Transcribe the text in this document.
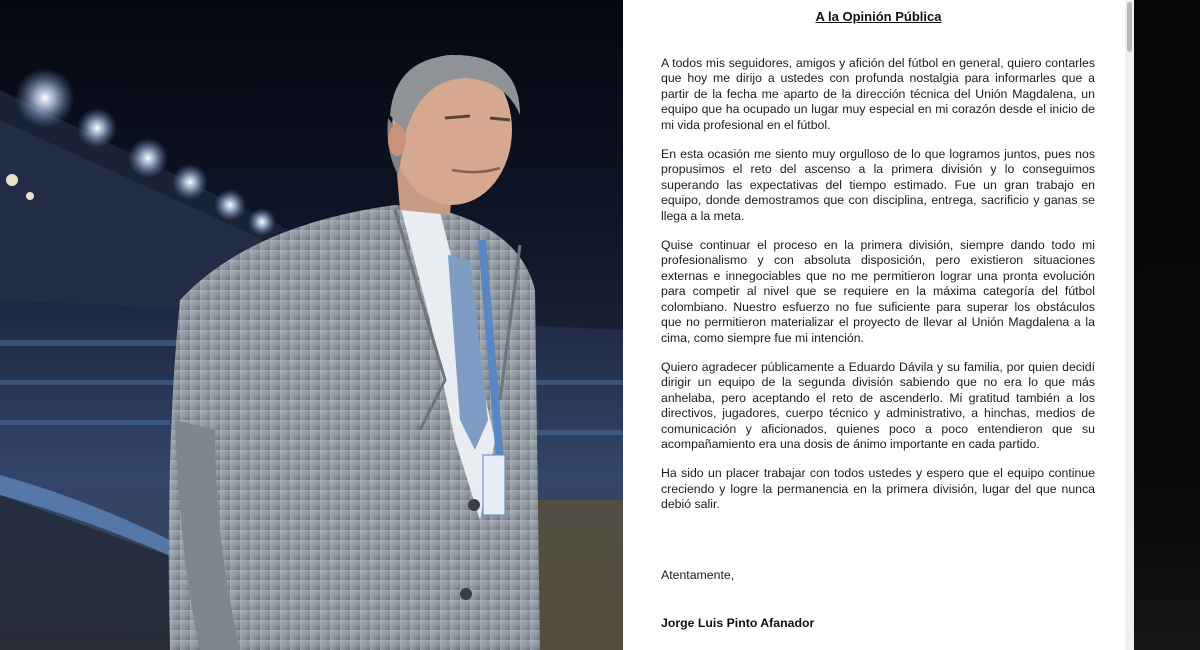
A la Opinión Pública

A todos mis seguidores, amigos y afición del fútbol en general, quiero contarles que hoy me dirijo a ustedes con profunda nostalgia para informarles que a partir de la fecha me aparto de la dirección técnica del Unión Magdalena, un equipo que ha ocupado un lugar muy especial en mi corazón desde el inicio de mi vida profesional en el fútbol.

En esta ocasión me siento muy orgulloso de lo que logramos juntos, pues nos propusimos el reto del ascenso a la primera división y lo conseguimos superando las expectativas del tiempo estimado. Fue un gran trabajo en equipo, donde demostramos que con disciplina, entrega, sacrificio y ganas se llega a la meta.

Quise continuar el proceso en la primera división, siempre dando todo mi profesionalismo y con absoluta disposición, pero existieron situaciones externas e innegociables que no me permitieron lograr una pronta evolución para competir al nivel que se requiere en la máxima categoría del fútbol colombiano. Nuestro esfuerzo no fue suficiente para superar los obstáculos que no permitieron materializar el proyecto de llevar al Unión Magdalena a la cima, como siempre fue mi intención.

Quiero agradecer públicamente a Eduardo Dávila y su familia, por quien decidí dirigir un equipo de la segunda división sabiendo que no era lo que más anhelaba, pero aceptando el reto de ascenderlo. Mi gratitud también a los directivos, jugadores, cuerpo técnico y administrativo, a hinchas, medios de comunicación y aficionados, quienes poco a poco entendieron que su acompañamiento era una dosis de ánimo importante en cada partido.

Ha sido un placer trabajar con todos ustedes y espero que el equipo continue creciendo y logre la permanencia en la primera división, lugar del que nunca debió salir.

Atentamente,
Jorge Luis Pinto Afanador
